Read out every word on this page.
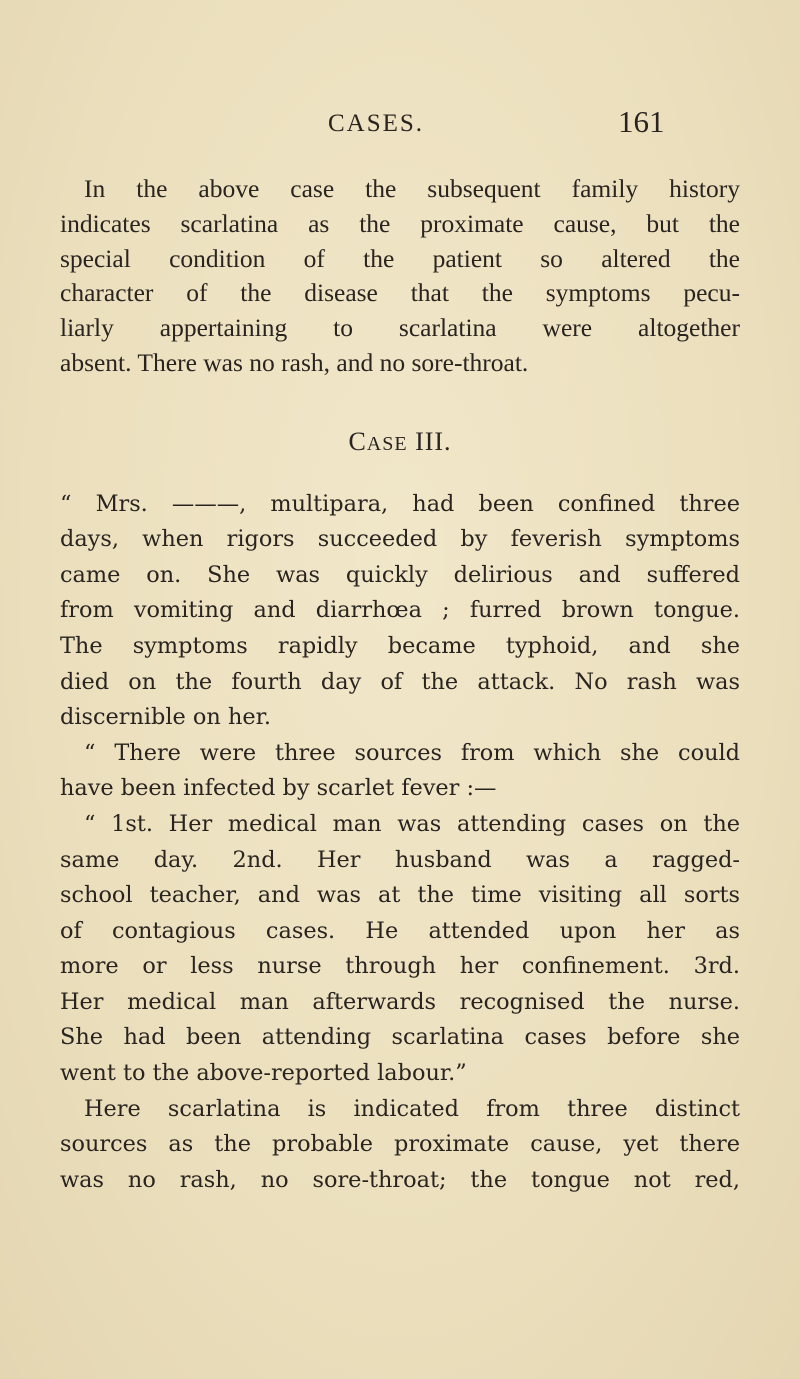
CASES.	161
In the above case the subsequent family history
indicates scarlatina as the proximate cause, but the
special condition of the patient so altered the
character of the disease that the symptoms pecu-
liarly appertaining to scarlatina were altogether
absent. There was no rash, and no sore-throat.
CASE III.
“ Mrs. ———, multipara, had been confined three
days, when rigors succeeded by feverish symptoms
came on. She was quickly delirious and suffered
from vomiting and diarrhœa ; furred brown tongue.
The symptoms rapidly became typhoid, and she
died on the fourth day of the attack. No rash was
discernible on her.
“ There were three sources from which she could
have been infected by scarlet fever :—
“ 1st. Her medical man was attending cases on the
same day. 2nd. Her husband was a ragged-
school teacher, and was at the time visiting all sorts
of contagious cases. He attended upon her as
more or less nurse through her confinement. 3rd.
Her medical man afterwards recognised the nurse.
She had been attending scarlatina cases before she
went to the above-reported labour.”
Here scarlatina is indicated from three distinct
sources as the probable proximate cause, yet there
was no rash, no sore-throat; the tongue not red,
